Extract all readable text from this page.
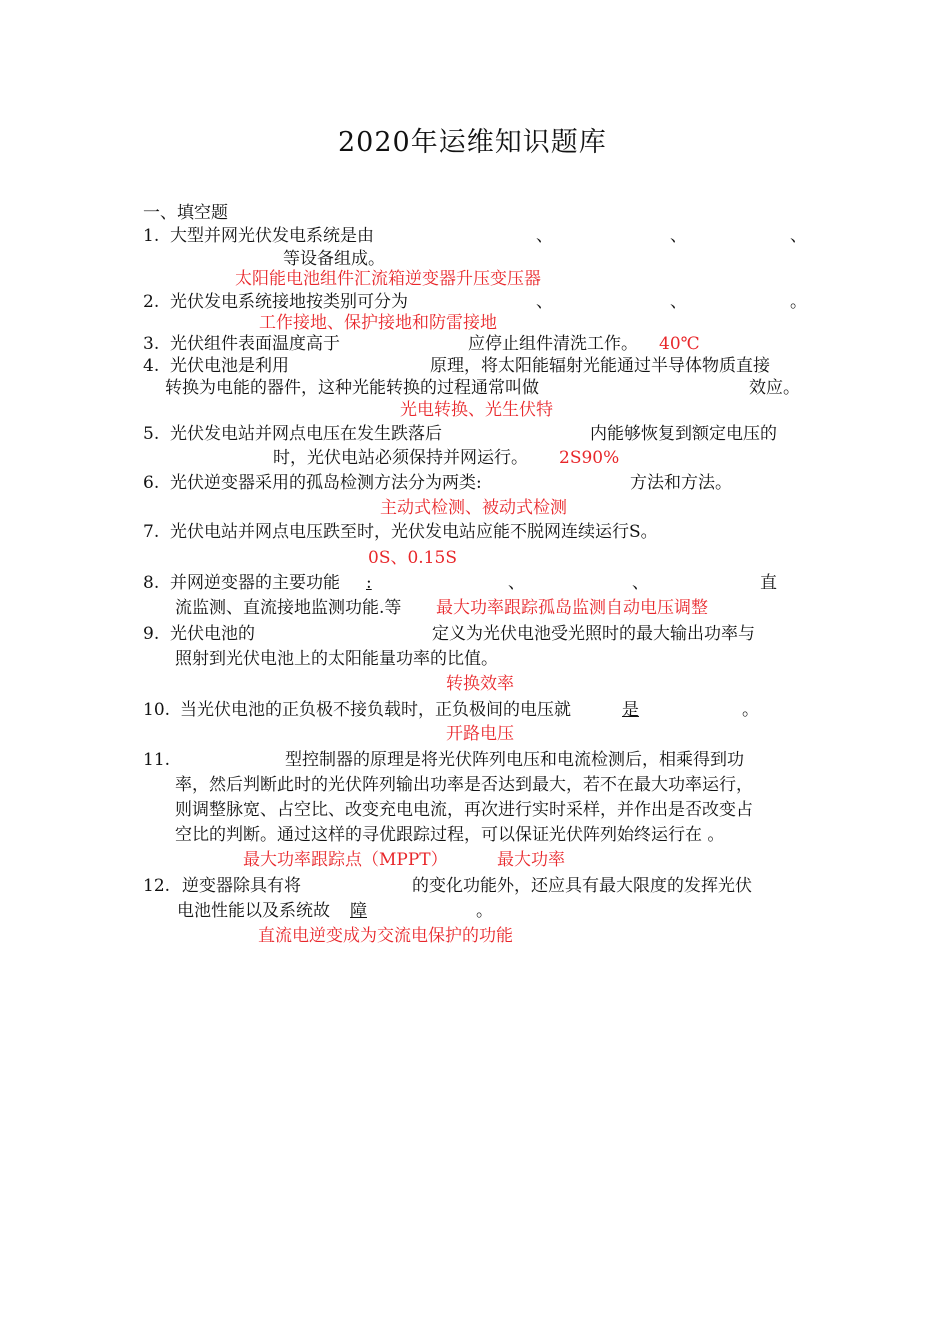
2020年运维知识题库
一、填空题
1. 大型并网光伏发电系统是由	、	、	、
等设备组成。
太阳能电池组件汇流箱逆变器升压变压器
2. 光伏发电系统接地按类别可分为	、	、	。
工作接地、保护接地和防雷接地
3. 光伏组件表面温度高于	应停止组件清洗工作。 40℃
4. 光伏电池是利用	原理，将太阳能辐射光能通过半导体物质直接
转换为电能的器件，这种光能转换的过程通常叫做	效应。
光电转换、光生伏特
5. 光伏发电站并网点电压在发生跌落后	内能够恢复到额定电压的
时，光伏电站必须保持并网运行。 2S90%
6. 光伏逆变器采用的孤岛检测方法分为两类:	方法和方法。
主动式检测、被动式检测
7. 光伏电站并网点电压跌至时，光伏发电站应能不脱网连续运行S。
0S、0.15S
8. 并网逆变器的主要功能 :	、	、	直
流监测、直流接地监测功能.等 最大功率跟踪孤岛监测自动电压调整
9. 光伏电池的	定义为光伏电池受光照时的最大输出功率与
照射到光伏电池上的太阳能量功率的比值。
转换效率
10. 当光伏电池的正负极不接负载时，正负极间的电压就	是	。
开路电压
11.	型控制器的原理是将光伏阵列电压和电流检测后，相乘得到功
率，然后判断此时的光伏阵列输出功率是否达到最大，若不在最大功率运行，
则调整脉宽、占空比、改变充电电流，再次进行实时采样，并作出是否改变占
空比的判断。通过这样的寻优跟踪过程，可以保证光伏阵列始终运行在 。
最大功率跟踪点（MPPT）	最大功率
12. 逆变器除具有将	的变化功能外，还应具有最大限度的发挥光伏
电池性能以及系统故 障	。
直流电逆变成为交流电保护的功能
